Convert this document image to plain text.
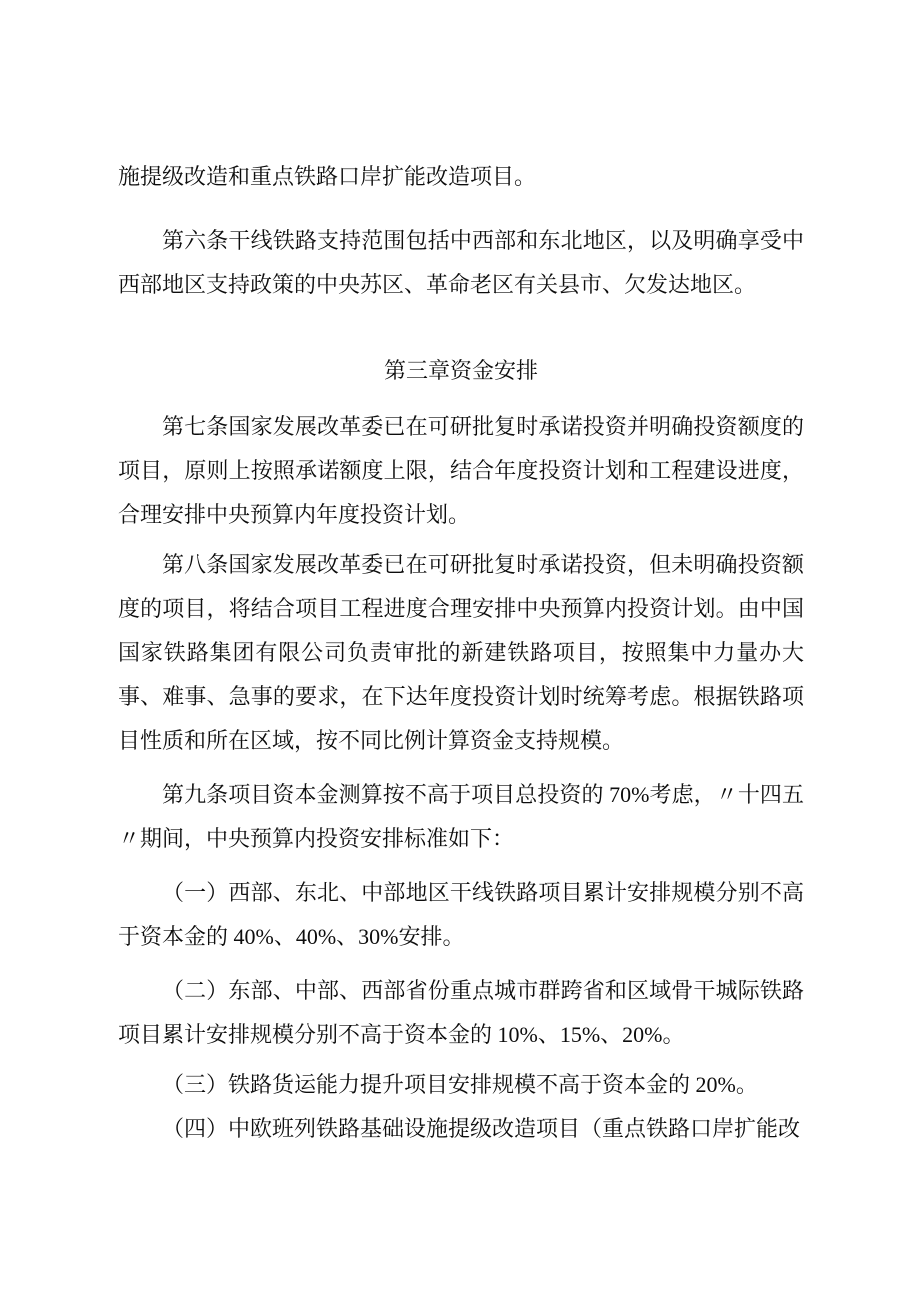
施提级改造和重点铁路口岸扩能改造项目。

第六条干线铁路支持范围包括中西部和东北地区，以及明确享受中西部地区支持政策的中央苏区、革命老区有关县市、欠发达地区。

第三章资金安排

第七条国家发展改革委已在可研批复时承诺投资并明确投资额度的项目，原则上按照承诺额度上限，结合年度投资计划和工程建设进度，合理安排中央预算内年度投资计划。

第八条国家发展改革委已在可研批复时承诺投资，但未明确投资额度的项目，将结合项目工程进度合理安排中央预算内投资计划。由中国国家铁路集团有限公司负责审批的新建铁路项目，按照集中力量办大事、难事、急事的要求，在下达年度投资计划时统筹考虑。根据铁路项目性质和所在区域，按不同比例计算资金支持规模。

第九条项目资本金测算按不高于项目总投资的 70%考虑，〃十四五〃期间，中央预算内投资安排标准如下：

（一）西部、东北、中部地区干线铁路项目累计安排规模分别不高于资本金的 40%、40%、30%安排。

（二）东部、中部、西部省份重点城市群跨省和区域骨干城际铁路项目累计安排规模分别不高于资本金的 10%、15%、20%。

（三）铁路货运能力提升项目安排规模不高于资本金的 20%。

（四）中欧班列铁路基础设施提级改造项目（重点铁路口岸扩能改
